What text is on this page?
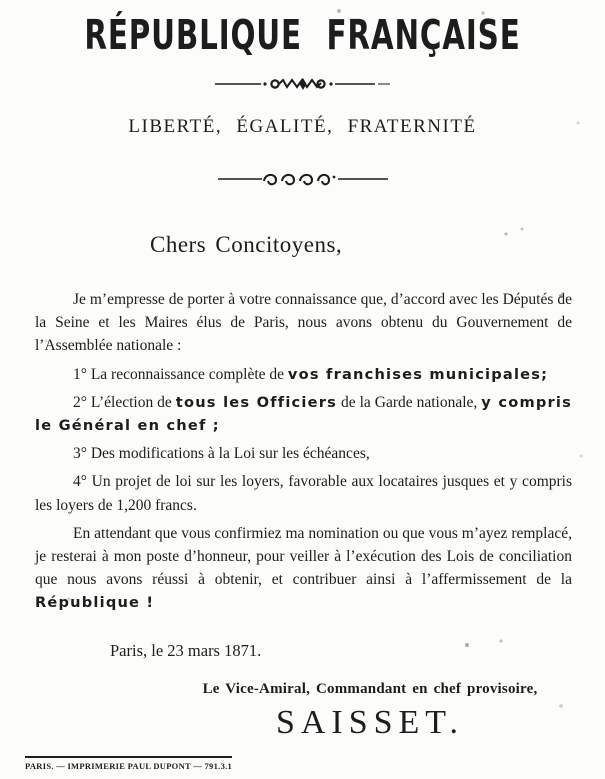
RÉPUBLIQUE FRANÇAISE
LIBERTÉ, ÉGALITÉ, FRATERNITÉ
Chers Concitoyens,

Je m’empresse de porter à votre connaissance que, d’accord avec les Députés de la Seine et les Maires élus de Paris, nous avons obtenu du Gouvernement de l’Assemblée nationale :

1° La reconnaissance complète de vos franchises municipales;

2° L’élection de tous les Officiers de la Garde nationale, y compris le Général en chef ;

3° Des modifications à la Loi sur les échéances,

4° Un projet de loi sur les loyers, favorable aux locataires jusques et y compris les loyers de 1,200 francs.

En attendant que vous confirmiez ma nomination ou que vous m’ayez remplacé, je resterai à mon poste d’honneur, pour veiller à l’exécution des Lois de conciliation que nous avons réussi à obtenir, et contribuer ainsi à l’affermissement de la République !

Paris, le 23 mars 1871.
Le Vice-Amiral, Commandant en chef provisoire,
SAISSET.
PARIS. — IMPRIMERIE PAUL DUPONT — 791.3.1
